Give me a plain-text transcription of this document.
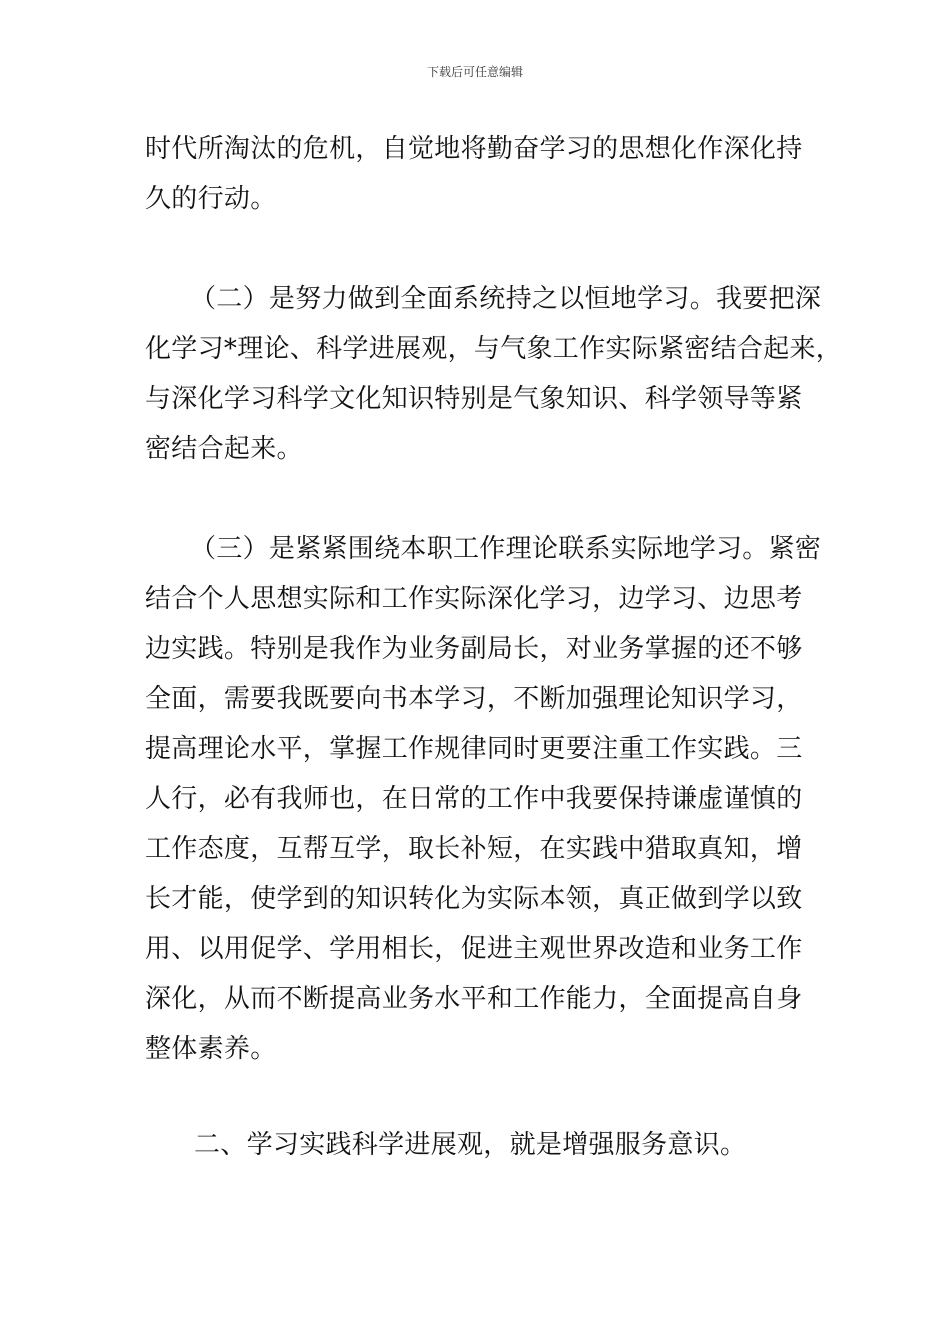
下载后可任意编辑
时代所淘汰的危机，自觉地将勤奋学习的思想化作深化持
久的行动。
（二）是努力做到全面系统持之以恒地学习。我要把深
化学习*理论、科学进展观，与气象工作实际紧密结合起来，
与深化学习科学文化知识特别是气象知识、科学领导等紧
密结合起来。
（三）是紧紧围绕本职工作理论联系实际地学习。紧密
结合个人思想实际和工作实际深化学习，边学习、边思考
边实践。特别是我作为业务副局长，对业务掌握的还不够
全面，需要我既要向书本学习，不断加强理论知识学习，
提高理论水平，掌握工作规律同时更要注重工作实践。三
人行，必有我师也，在日常的工作中我要保持谦虚谨慎的
工作态度，互帮互学，取长补短，在实践中猎取真知，增
长才能，使学到的知识转化为实际本领，真正做到学以致
用、以用促学、学用相长，促进主观世界改造和业务工作
深化，从而不断提高业务水平和工作能力，全面提高自身
整体素养。
二、学习实践科学进展观，就是增强服务意识。
